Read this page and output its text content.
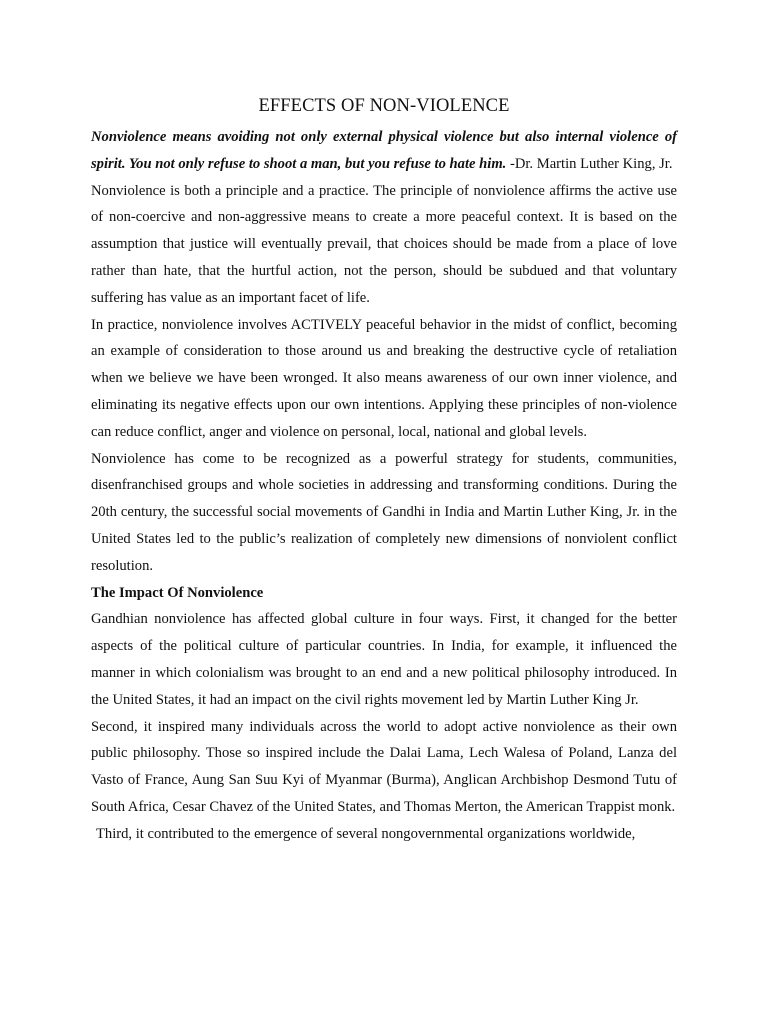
EFFECTS OF NON-VIOLENCE

Nonviolence means avoiding not only external physical violence but also internal violence of spirit. You not only refuse to shoot a man, but you refuse to hate him. -Dr. Martin Luther King, Jr.

Nonviolence is both a principle and a practice. The principle of nonviolence affirms the active use of non-coercive and non-aggressive means to create a more peaceful context. It is based on the assumption that justice will eventually prevail, that choices should be made from a place of love rather than hate, that the hurtful action, not the person, should be subdued and that voluntary suffering has value as an important facet of life.

In practice, nonviolence involves ACTIVELY peaceful behavior in the midst of conflict, becoming an example of consideration to those around us and breaking the destructive cycle of retaliation when we believe we have been wronged. It also means awareness of our own inner violence, and eliminating its negative effects upon our own intentions. Applying these principles of non-violence can reduce conflict, anger and violence on personal, local, national and global levels.

Nonviolence has come to be recognized as a powerful strategy for students, communities, disenfranchised groups and whole societies in addressing and transforming conditions. During the 20th century, the successful social movements of Gandhi in India and Martin Luther King, Jr. in the United States led to the public’s realization of completely new dimensions of nonviolent conflict resolution.

The Impact Of Nonviolence

Gandhian nonviolence has affected global culture in four ways. First, it changed for the better aspects of the political culture of particular countries. In India, for example, it influenced the manner in which colonialism was brought to an end and a new political philosophy introduced. In the United States, it had an impact on the civil rights movement led by Martin Luther King Jr.

Second, it inspired many individuals across the world to adopt active nonviolence as their own public philosophy. Those so inspired include the Dalai Lama, Lech Walesa of Poland, Lanza del Vasto of France, Aung San Suu Kyi of Myanmar (Burma), Anglican Archbishop Desmond Tutu of South Africa, Cesar Chavez of the United States, and Thomas Merton, the American Trappist monk.

Third, it contributed to the emergence of several nongovernmental organizations worldwide,
